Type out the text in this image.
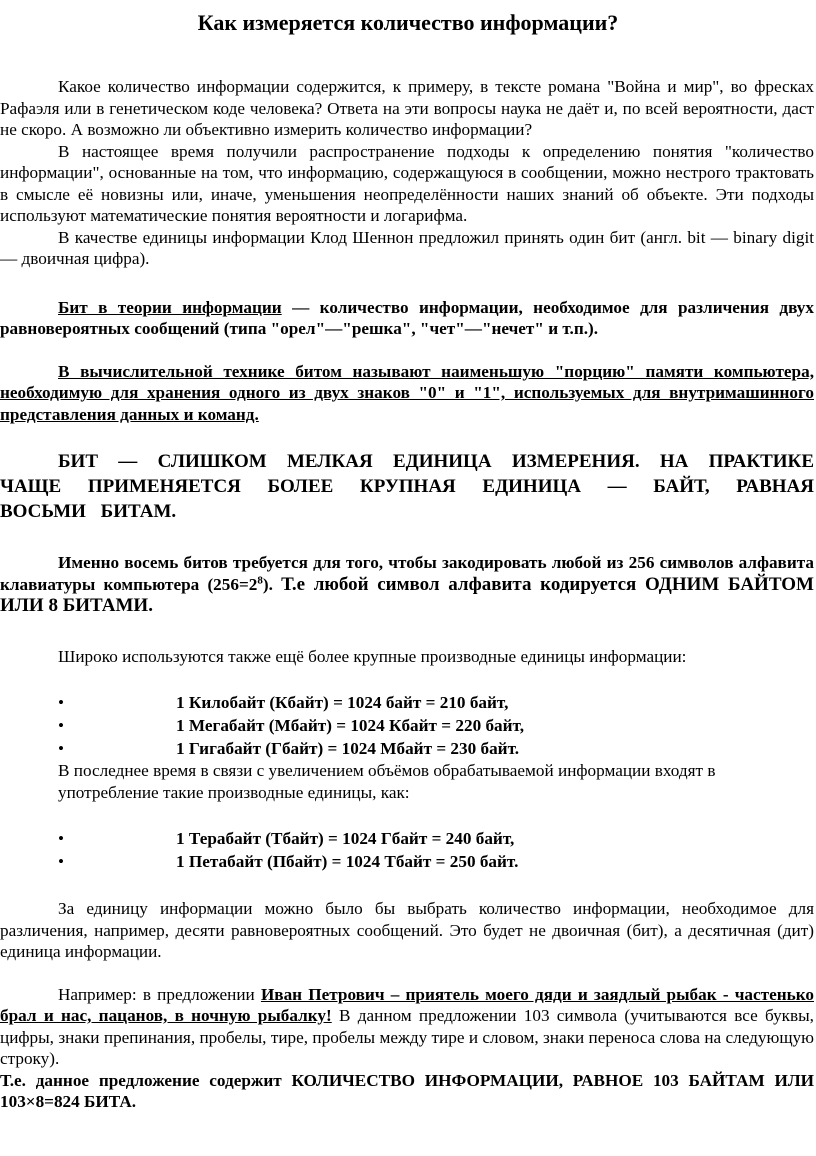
Как измеряется количество информации?

Какое количество информации содержится, к примеру, в тексте романа "Война и мир", во фресках Рафаэля или в генетическом коде человека? Ответа на эти вопросы наука не даёт и, по всей вероятности, даст не скоро. А возможно ли объективно измерить количество информации?

В настоящее время получили распространение подходы к определению понятия "количество информации", основанные на том, что информацию, содержащуюся в сообщении, можно нестрого трактовать в смысле её новизны или, иначе, уменьшения неопределённости наших знаний об объекте. Эти подходы используют математические понятия вероятности и логарифма.

В качестве единицы информации Клод Шеннон предложил принять один бит (англ. bit — binary digit — двоичная цифра).

Бит в теории информации — количество информации, необходимое для различения двух равновероятных сообщений (типа "орел"—"решка", "чет"—"нечет" и т.п.).

В вычислительной технике битом называют наименьшую "порцию" памяти компьютера, необходимую для хранения одного из двух знаков "0" и "1", используемых для внутримашинного представления данных и команд.

БИТ — СЛИШКОМ МЕЛКАЯ ЕДИНИЦА ИЗМЕРЕНИЯ. НА ПРАКТИКЕ ЧАЩЕ ПРИМЕНЯЕТСЯ БОЛЕЕ КРУПНАЯ ЕДИНИЦА — БАЙТ, РАВНАЯ ВОСЬМИ БИТАМ.

Именно восемь битов требуется для того, чтобы закодировать любой из 256 символов алфавита клавиатуры компьютера $(256=2^8)$. Т.е любой символ алфавита кодируется ОДНИМ БАЙТОМ ИЛИ 8 БИТАМИ.

Широко используются также ещё более крупные производные единицы информации:

•	1 Килобайт (Кбайт) = 1024 байт = 210 байт,
•	1 Мегабайт (Мбайт) = 1024 Кбайт = 220 байт,
•	1 Гигабайт (Гбайт) = 1024 Мбайт = 230 байт.

В последнее время в связи с увеличением объёмов обрабатываемой информации входят в употребление такие производные единицы, как:

•	1 Терабайт (Тбайт) = 1024 Гбайт = 240 байт,
•	1 Петабайт (Пбайт) = 1024 Тбайт = 250 байт.

За единицу информации можно было бы выбрать количество информации, необходимое для различения, например, десяти равновероятных сообщений. Это будет не двоичная (бит), а десятичная (дит) единица информации.

Например: в предложении Иван Петрович – приятель моего дяди и заядлый рыбак - частенько брал и нас, пацанов, в ночную рыбалку! В данном предложении 103 символа (учитываются все буквы, цифры, знаки препинания, пробелы, тире, пробелы между тире и словом, знаки переноса слова на следующую строку).

Т.е. данное предложение содержит КОЛИЧЕСТВО ИНФОРМАЦИИ, РАВНОЕ 103 БАЙТАМ ИЛИ 103×8=824 БИТА.
